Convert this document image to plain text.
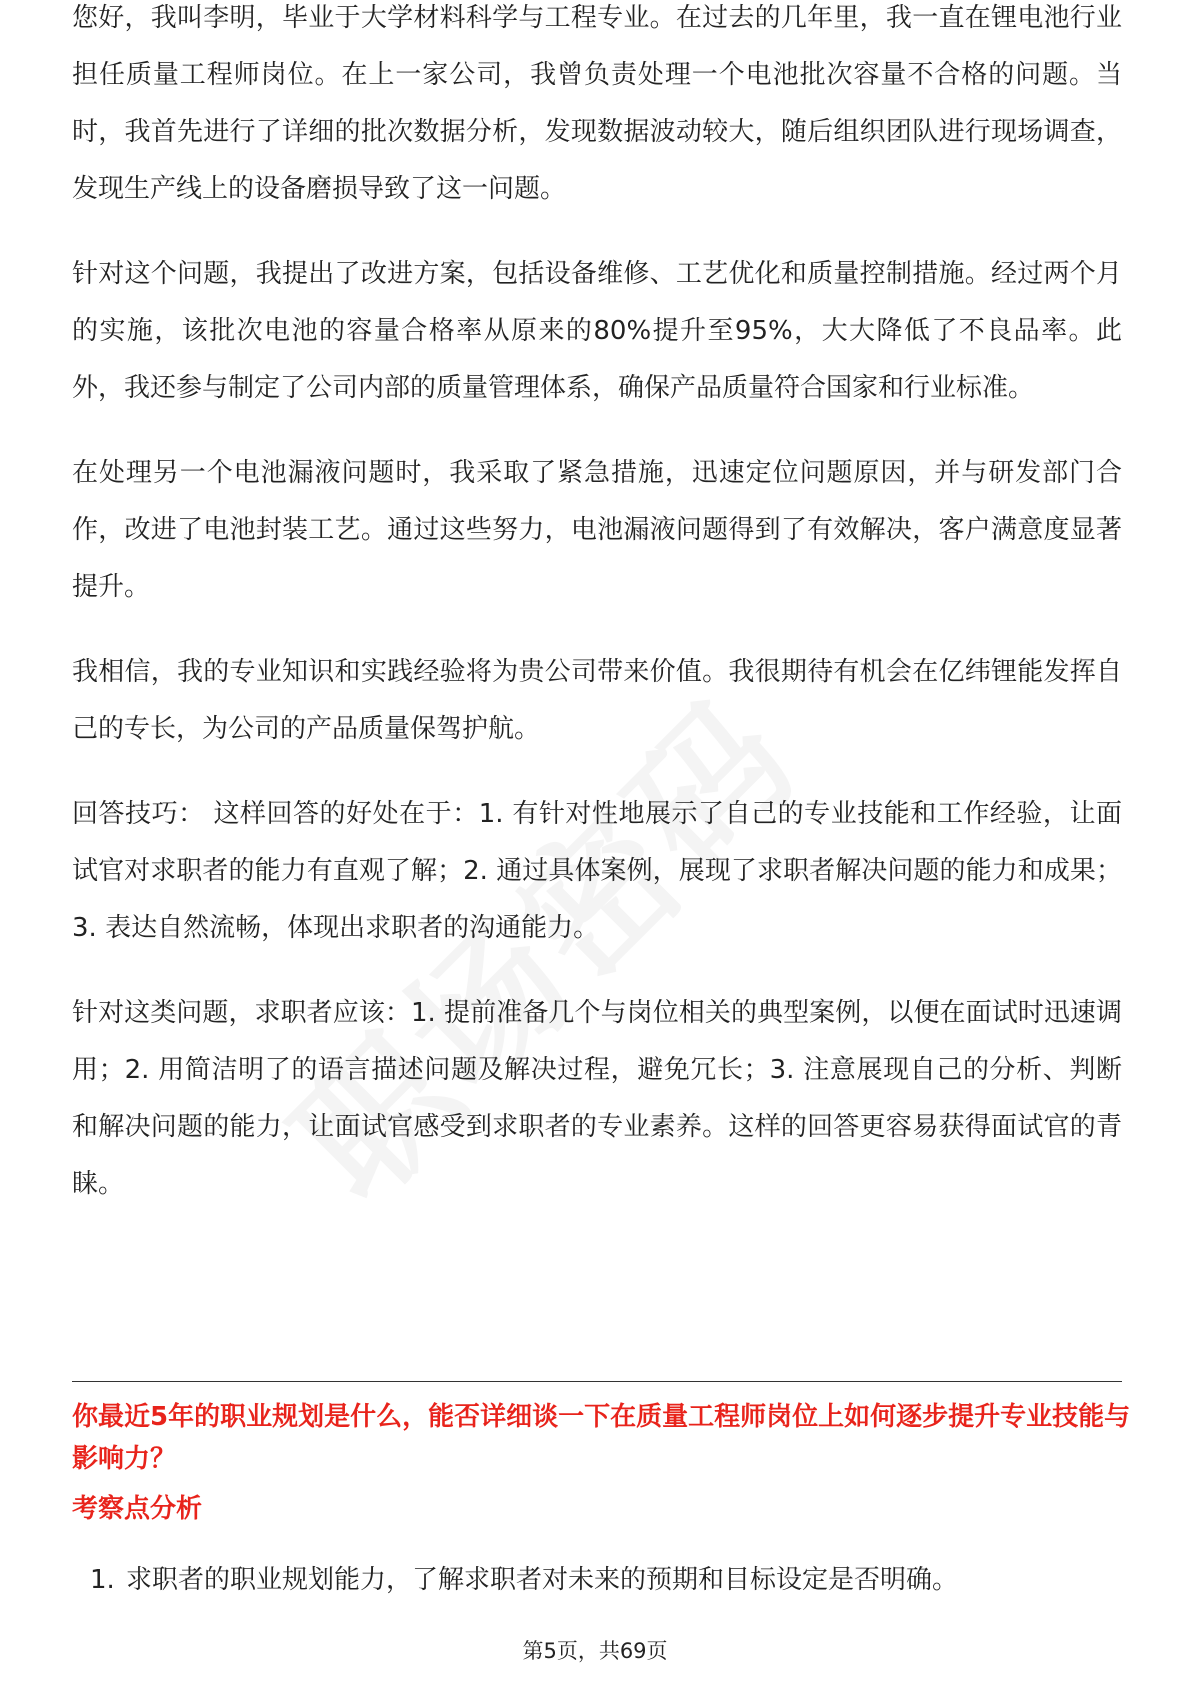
您好，我叫李明，毕业于大学材料科学与工程专业。在过去的几年里，我一直在锂电池行业担任质量工程师岗位。在上一家公司，我曾负责处理一个电池批次容量不合格的问题。当时，我首先进行了详细的批次数据分析，发现数据波动较大，随后组织团队进行现场调查，发现生产线上的设备磨损导致了这一问题。

针对这个问题，我提出了改进方案，包括设备维修、工艺优化和质量控制措施。经过两个月的实施，该批次电池的容量合格率从原来的80%提升至95%，大大降低了不良品率。此外，我还参与制定了公司内部的质量管理体系，确保产品质量符合国家和行业标准。

在处理另一个电池漏液问题时，我采取了紧急措施，迅速定位问题原因，并与研发部门合作，改进了电池封装工艺。通过这些努力，电池漏液问题得到了有效解决，客户满意度显著提升。

我相信，我的专业知识和实践经验将为贵公司带来价值。我很期待有机会在亿纬锂能发挥自己的专长，为公司的产品质量保驾护航。

回答技巧： 这样回答的好处在于：1. 有针对性地展示了自己的专业技能和工作经验，让面试官对求职者的能力有直观了解；2. 通过具体案例，展现了求职者解决问题的能力和成果；3. 表达自然流畅，体现出求职者的沟通能力。

针对这类问题，求职者应该：1. 提前准备几个与岗位相关的典型案例，以便在面试时迅速调用；2. 用简洁明了的语言描述问题及解决过程，避免冗长；3. 注意展现自己的分析、判断和解决问题的能力，让面试官感受到求职者的专业素养。这样的回答更容易获得面试官的青睐。

你最近5年的职业规划是什么，能否详细谈一下在质量工程师岗位上如何逐步提升专业技能与影响力？
考察点分析
1. 求职者的职业规划能力，了解求职者对未来的预期和目标设定是否明确。
第5页，共69页
